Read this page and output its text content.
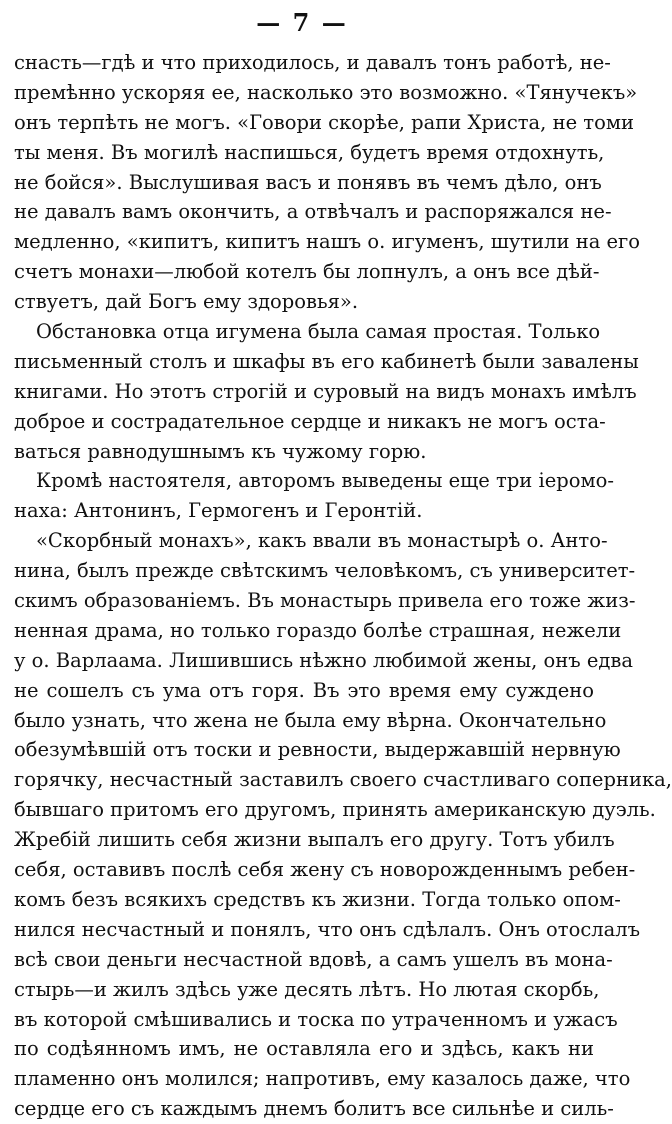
— 7 —
снасть—гдѣ и что приходилось, и давалъ тонъ работѣ, не-
премѣнно ускоряя ее, насколько это возможно. «Тянучекъ»
онъ терпѣть не могъ. «Говори скорѣе, рапи Христа, не томи
ты меня. Въ могилѣ наспишься, будетъ время отдохнуть,
не бойся». Выслушивая васъ и понявъ въ чемъ дѣло, онъ
не давалъ вамъ окончить, а отвѣчалъ и распоряжался не-
медленно, «кипитъ, кипитъ нашъ о. игуменъ, шутили на его
счетъ монахи—любой котелъ бы лопнулъ, а онъ все дѣй-
ствуетъ, дай Богъ ему здоровья».
Обстановка отца игумена была самая простая. Только
письменный столъ и шкафы въ его кабинетѣ были завалены
книгами. Но этотъ строгій и суровый на видъ монахъ имѣлъ
доброе и сострадательное сердце и никакъ не могъ оста-
ваться равнодушнымъ къ чужому горю.
Кромѣ настоятеля, авторомъ выведены еще три іеромо-
наха: Антонинъ, Гермогенъ и Геронтій.
«Скорбный монахъ», какъ ввали въ монастырѣ о. Анто-
нина, былъ прежде свѣтскимъ человѣкомъ, съ университет-
скимъ образованіемъ. Въ монастырь привела его тоже жиз-
ненная драма, но только гораздо болѣе страшная, нежели
у о. Варлаама. Лишившись нѣжно любимой жены, онъ едва
не сошелъ съ ума отъ горя. Въ это время ему суждено
было узнать, что жена не была ему вѣрна. Окончательно
обезумѣвшій отъ тоски и ревности, выдержавшій нервную
горячку, несчастный заставилъ своего счастливаго соперника,
бывшаго притомъ его другомъ, принять американскую дуэль.
Жребій лишить себя жизни выпалъ его другу. Тотъ убилъ
себя, оставивъ послѣ себя жену съ новорожденнымъ ребен-
комъ безъ всякихъ средствъ къ жизни. Тогда только опом-
нился несчастный и понялъ, что онъ сдѣлалъ. Онъ отослалъ
всѣ свои деньги несчастной вдовѣ, а самъ ушелъ въ мона-
стырь—и жилъ здѣсь уже десять лѣтъ. Но лютая скорбь,
въ которой смѣшивались и тоска по утраченномъ и ужасъ
по содѣянномъ имъ, не оставляла его и здѣсь, какъ ни
пламенно онъ молился; напротивъ, ему казалось даже, что
сердце его съ каждымъ днемъ болитъ все сильнѣе и силь-
